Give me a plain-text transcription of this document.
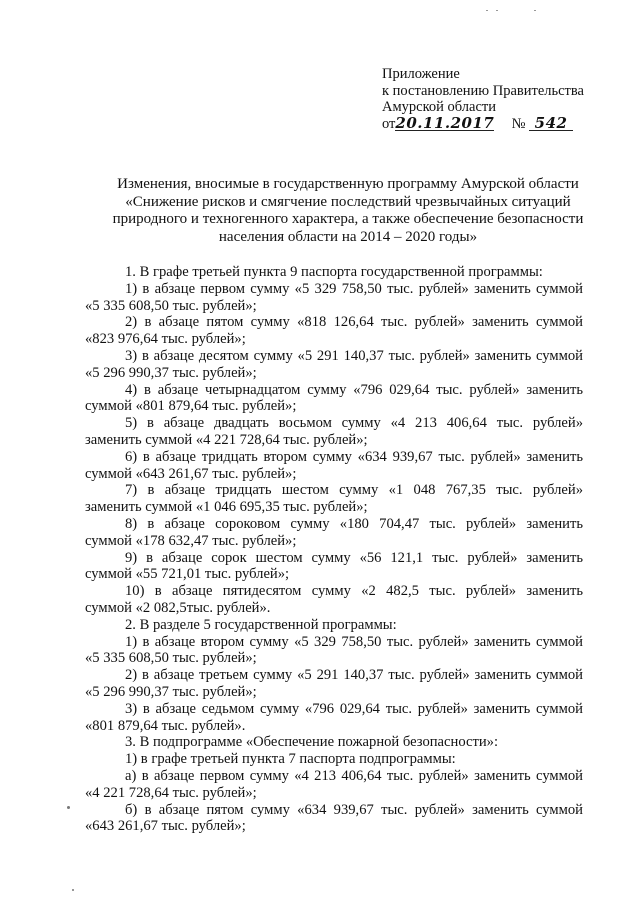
Приложение
к постановлению Правительства
Амурской области
от20.11.2017 № 542
Изменения, вносимые в государственную программу Амурской области
«Снижение рисков и смягчение последствий чрезвычайных ситуаций
природного и техногенного характера, а также обеспечение безопасности
населения области на 2014 – 2020 годы»
1. В графе третьей пункта 9 паспорта государственной программы:
1) в абзаце первом сумму «5 329 758,50 тыс. рублей» заменить суммой
«5 335 608,50 тыс. рублей»;
2) в абзаце пятом сумму «818 126,64 тыс. рублей» заменить суммой
«823 976,64 тыс. рублей»;
3) в абзаце десятом сумму «5 291 140,37 тыс. рублей» заменить суммой
«5 296 990,37 тыс. рублей»;
4) в абзаце четырнадцатом сумму «796 029,64 тыс. рублей» заменить
суммой «801 879,64 тыс. рублей»;
5) в абзаце двадцать восьмом сумму «4 213 406,64 тыс. рублей»
заменить суммой «4 221 728,64 тыс. рублей»;
6) в абзаце тридцать втором сумму «634 939,67 тыс. рублей» заменить
суммой «643 261,67 тыс. рублей»;
7) в абзаце тридцать шестом сумму «1 048 767,35 тыс. рублей»
заменить суммой «1 046 695,35 тыс. рублей»;
8) в абзаце сороковом сумму «180 704,47 тыс. рублей» заменить
суммой «178 632,47 тыс. рублей»;
9) в абзаце сорок шестом сумму «56 121,1 тыс. рублей» заменить
суммой «55 721,01 тыс. рублей»;
10) в абзаце пятидесятом сумму «2 482,5 тыс. рублей» заменить
суммой «2 082,5тыс. рублей».
2. В разделе 5 государственной программы:
1) в абзаце втором сумму «5 329 758,50 тыс. рублей» заменить суммой
«5 335 608,50 тыс. рублей»;
2) в абзаце третьем сумму «5 291 140,37 тыс. рублей» заменить суммой
«5 296 990,37 тыс. рублей»;
3) в абзаце седьмом сумму «796 029,64 тыс. рублей» заменить суммой
«801 879,64 тыс. рублей».
3. В подпрограмме «Обеспечение пожарной безопасности»:
1) в графе третьей пункта 7 паспорта подпрограммы:
а) в абзаце первом сумму «4 213 406,64 тыс. рублей» заменить суммой
«4 221 728,64 тыс. рублей»;
б) в абзаце пятом сумму «634 939,67 тыс. рублей» заменить суммой
«643 261,67 тыс. рублей»;
